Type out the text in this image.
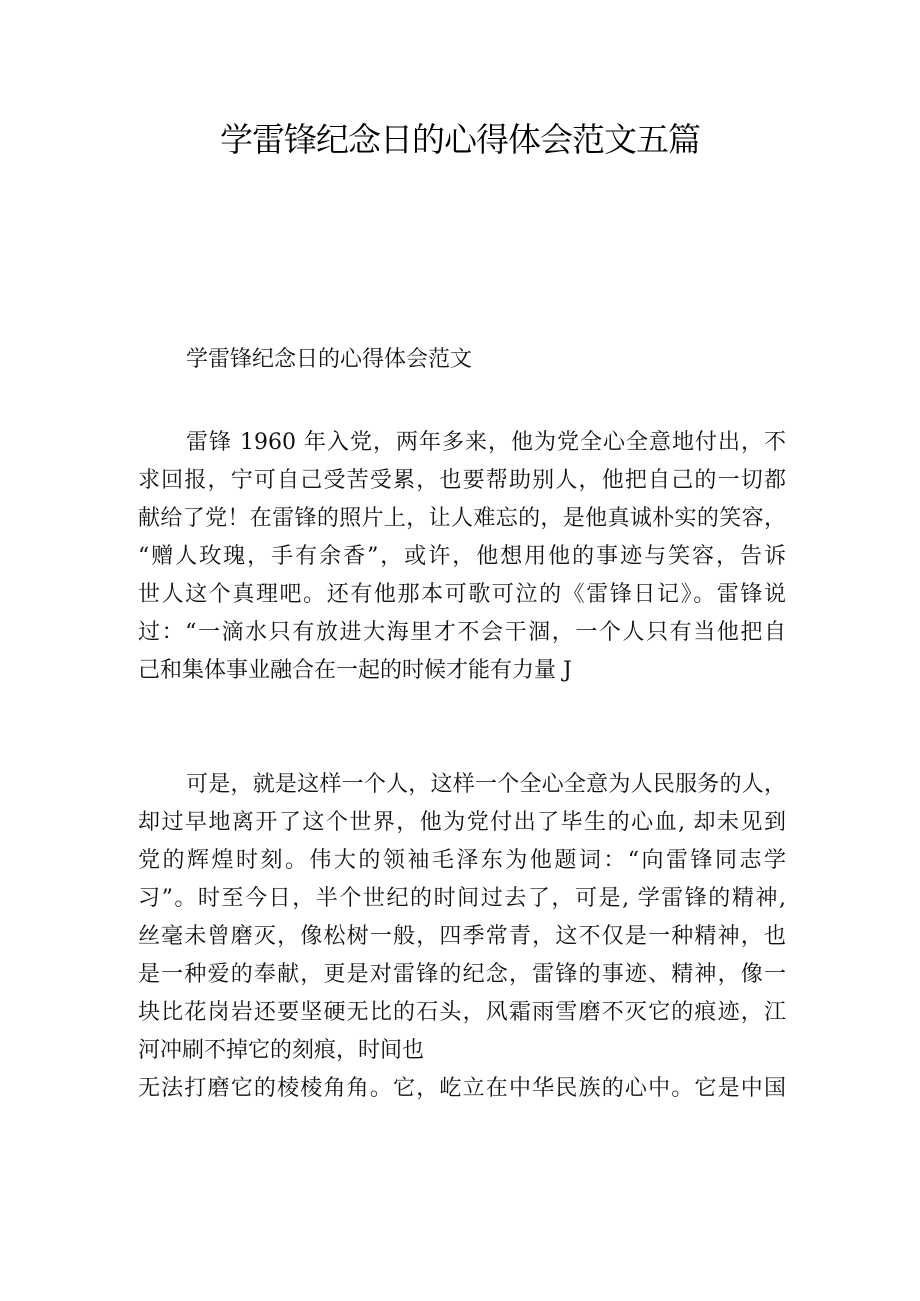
学雷锋纪念日的心得体会范文五篇
学雷锋纪念日的心得体会范文
雷锋 1960 年入党，两年多来，他为党全心全意地付出，不
求回报，宁可自己受苦受累，也要帮助别人，他把自己的一切都
献给了党！在雷锋的照片上，让人难忘的，是他真诚朴实的笑容，
“赠人玫瑰，手有余香”，或许，他想用他的事迹与笑容，告诉
世人这个真理吧。还有他那本可歌可泣的《雷锋日记》。雷锋说
过：“一滴水只有放进大海里才不会干涸，一个人只有当他把自
己和集体事业融合在一起的时候才能有力量 J
可是，就是这样一个人，这样一个全心全意为人民服务的人，
却过早地离开了这个世界，他为党付出了毕生的心血, 却未见到
党的辉煌时刻。伟大的领袖毛泽东为他题词：“向雷锋同志学
习”。时至今日，半个世纪的时间过去了，可是, 学雷锋的精神,
丝毫未曾磨灭，像松树一般，四季常青，这不仅是一种精神，也
是一种爱的奉献，更是对雷锋的纪念，雷锋的事迹、精神，像一
块比花岗岩还要坚硬无比的石头，风霜雨雪磨不灭它的痕迹，江
河冲刷不掉它的刻痕，时间也
无法打磨它的棱棱角角。它，屹立在中华民族的心中。它是中国
